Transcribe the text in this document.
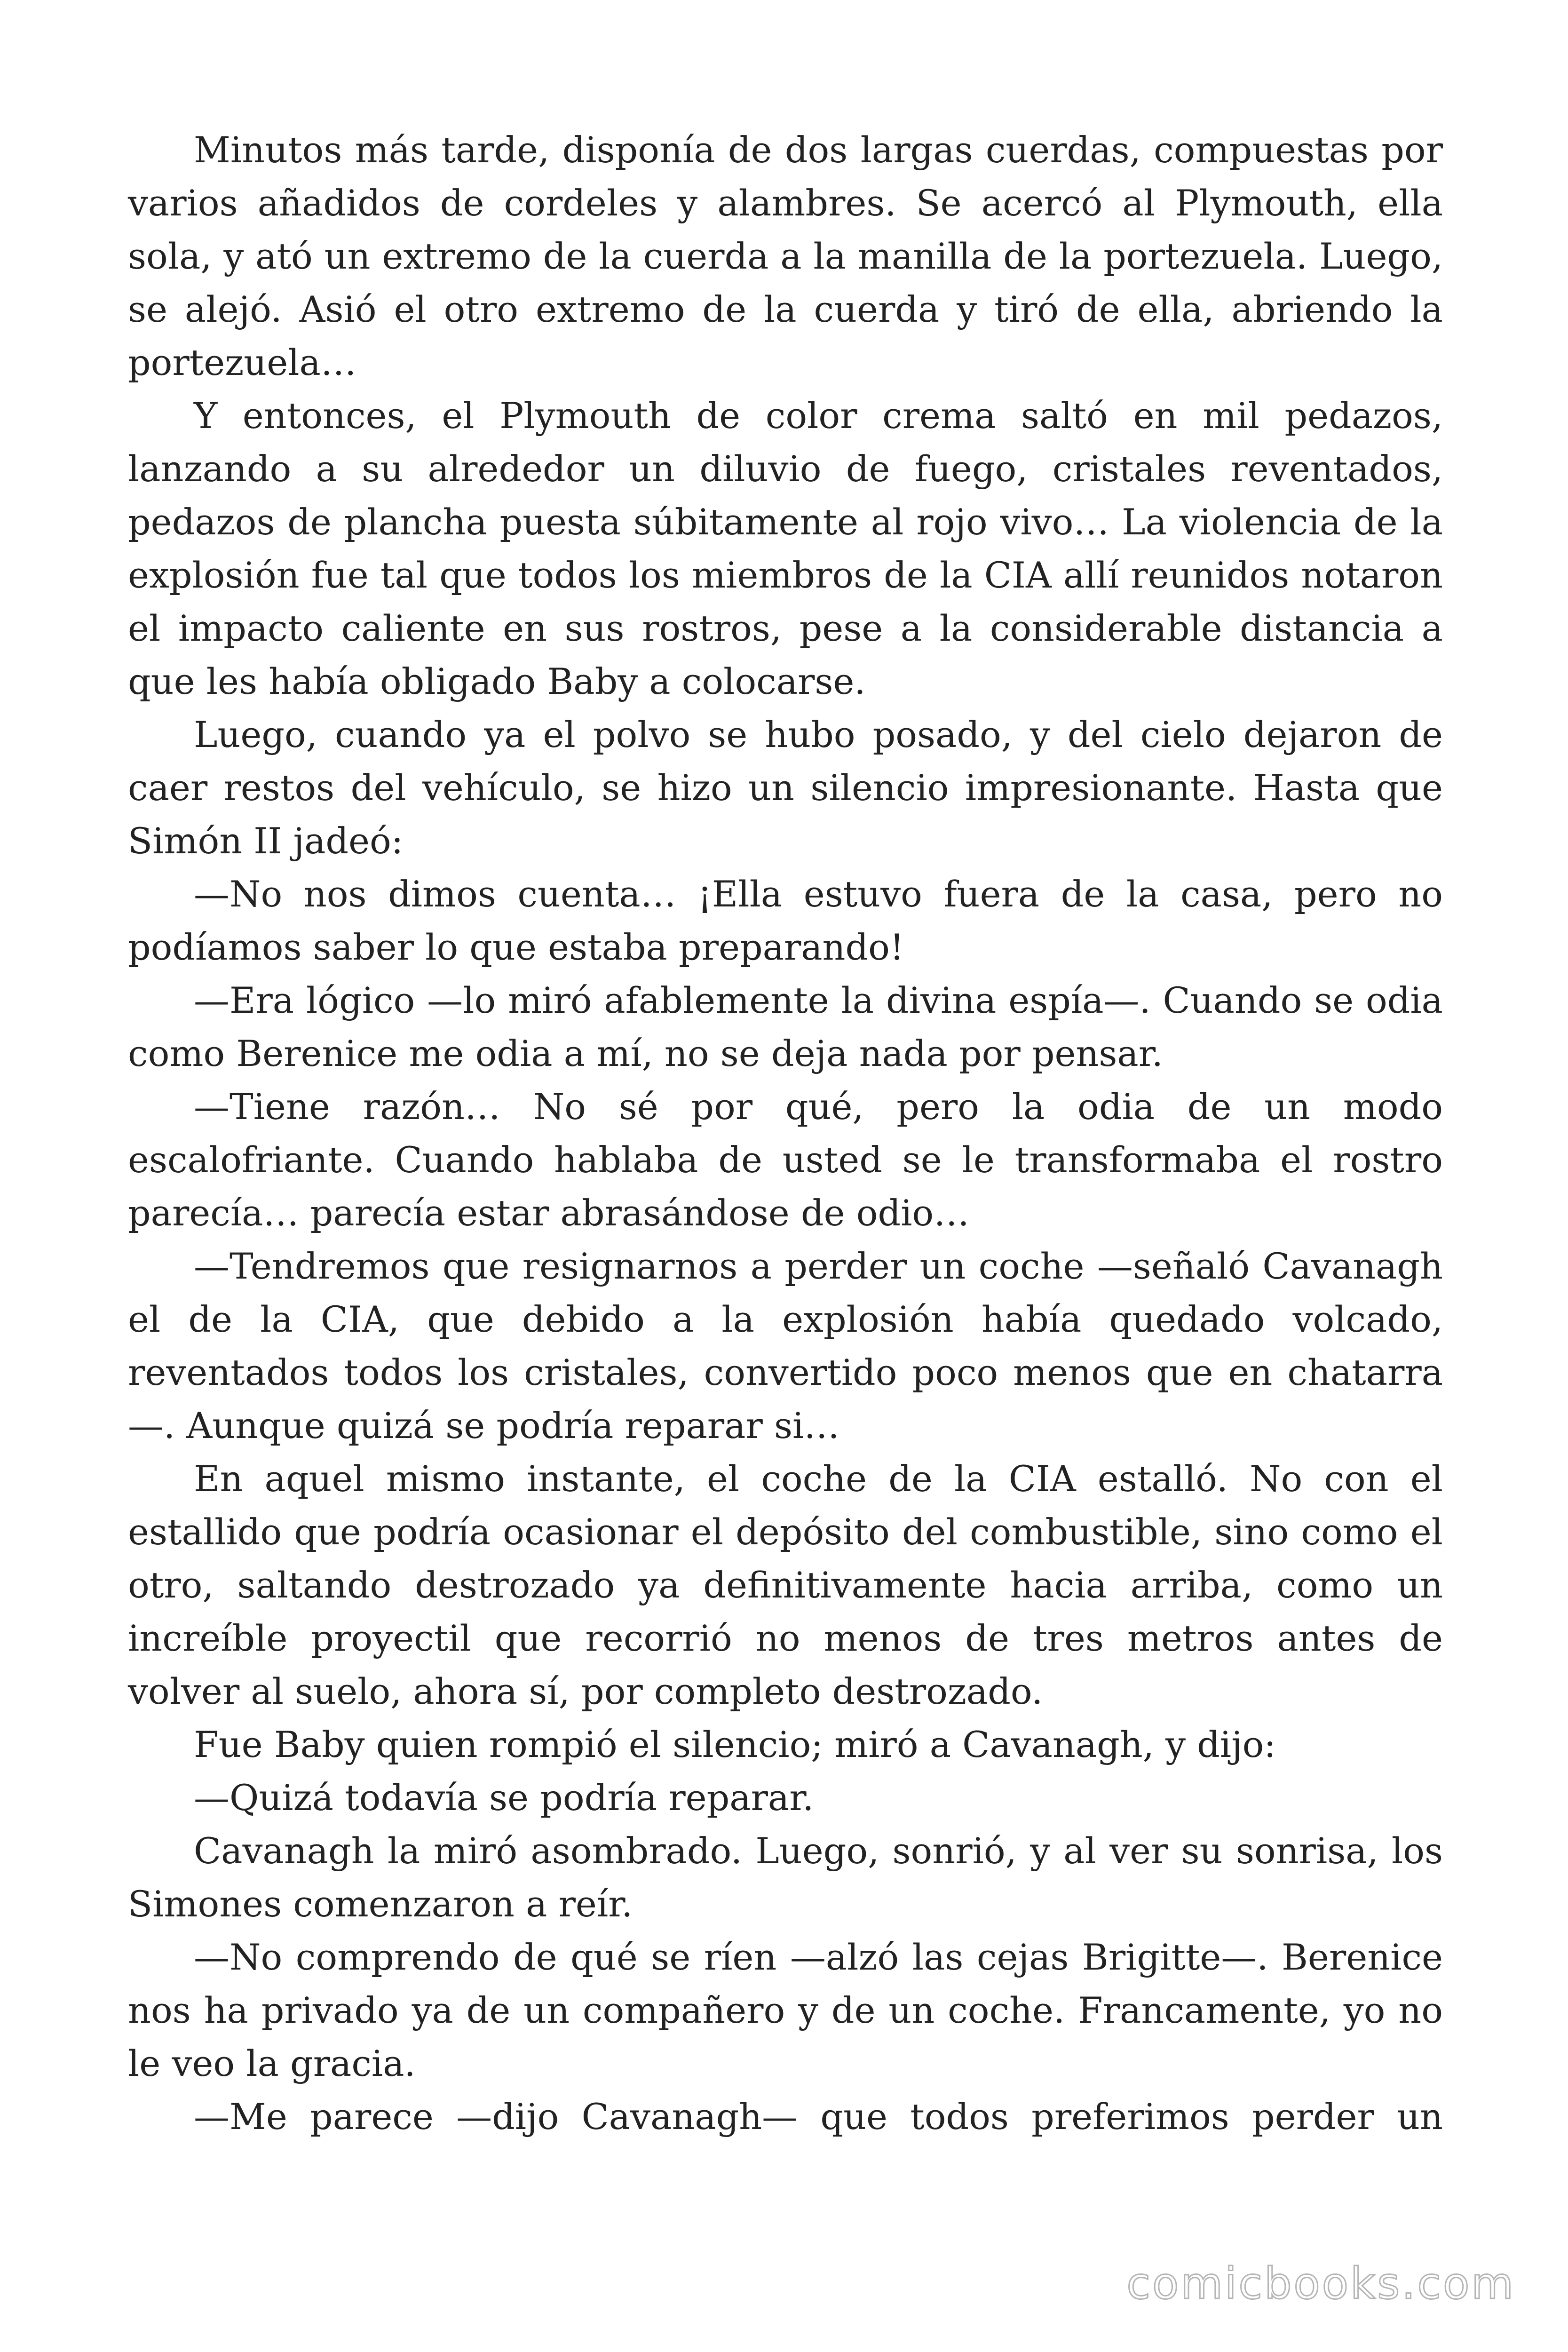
Minutos más tarde, disponía de dos largas cuerdas, compuestas por varios añadidos de cordeles y alambres. Se acercó al Plymouth, ella sola, y ató un extremo de la cuerda a la manilla de la portezuela. Luego, se alejó. Asió el otro extremo de la cuerda y tiró de ella, abriendo la portezuela…

Y entonces, el Plymouth de color crema saltó en mil pedazos, lanzando a su alrededor un diluvio de fuego, cristales reventados, pedazos de plancha puesta súbitamente al rojo vivo… La violencia de la explosión fue tal que todos los miembros de la CIA allí reunidos notaron el impacto caliente en sus rostros, pese a la considerable distancia a que les había obligado Baby a colocarse.

Luego, cuando ya el polvo se hubo posado, y del cielo dejaron de caer restos del vehículo, se hizo un silencio impresionante. Hasta que Simón II jadeó:

—No nos dimos cuenta… ¡Ella estuvo fuera de la casa, pero no podíamos saber lo que estaba preparando!

—Era lógico —lo miró afablemente la divina espía—. Cuando se odia como Berenice me odia a mí, no se deja nada por pensar.

—Tiene razón… No sé por qué, pero la odia de un modo escalofriante. Cuando hablaba de usted se le transformaba el rostro parecía… parecía estar abrasándose de odio…

—Tendremos que resignarnos a perder un coche —señaló Cavanagh el de la CIA, que debido a la explosión había quedado volcado, reventados todos los cristales, convertido poco menos que en chatarra—. Aunque quizá se podría reparar si…

En aquel mismo instante, el coche de la CIA estalló. No con el estallido que podría ocasionar el depósito del combustible, sino como el otro, saltando destrozado ya definitivamente hacia arriba, como un increíble proyectil que recorrió no menos de tres metros antes de volver al suelo, ahora sí, por completo destrozado.

Fue Baby quien rompió el silencio; miró a Cavanagh, y dijo:

—Quizá todavía se podría reparar.

Cavanagh la miró asombrado. Luego, sonrió, y al ver su sonrisa, los Simones comenzaron a reír.

—No comprendo de qué se ríen —alzó las cejas Brigitte—. Berenice nos ha privado ya de un compañero y de un coche. Francamente, yo no le veo la gracia.

—Me parece —dijo Cavanagh— que todos preferimos perder un

comicbooks.com
